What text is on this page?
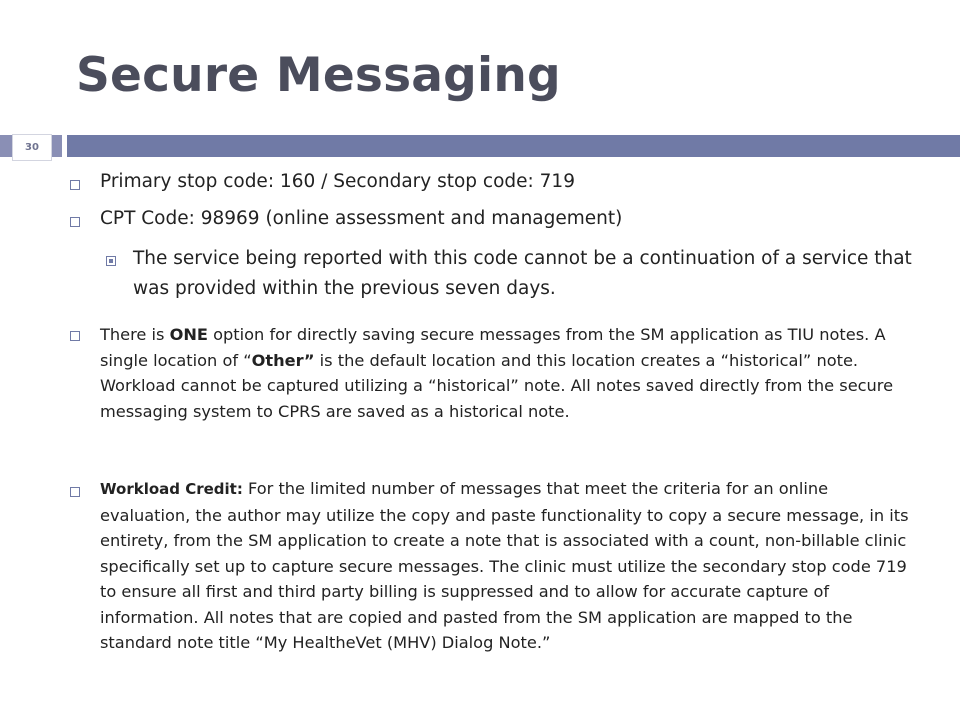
Secure Messaging
30

Primary stop code: 160 / Secondary stop code: 719

CPT Code: 98969 (online assessment and management)

The service being reported with this code cannot be a continuation of a service that was provided within the previous seven days.

There is ONE option for directly saving secure messages from the SM application as TIU notes. A single location of “Other” is the default location and this location creates a “historical” note. Workload cannot be captured utilizing a “historical” note. All notes saved directly from the secure messaging system to CPRS are saved as a historical note.

Workload Credit: For the limited number of messages that meet the criteria for an online evaluation, the author may utilize the copy and paste functionality to copy a secure message, in its entirety, from the SM application to create a note that is associated with a count, non-billable clinic specifically set up to capture secure messages. The clinic must utilize the secondary stop code 719 to ensure all first and third party billing is suppressed and to allow for accurate capture of information. All notes that are copied and pasted from the SM application are mapped to the standard note title “My HealtheVet (MHV) Dialog Note.”
